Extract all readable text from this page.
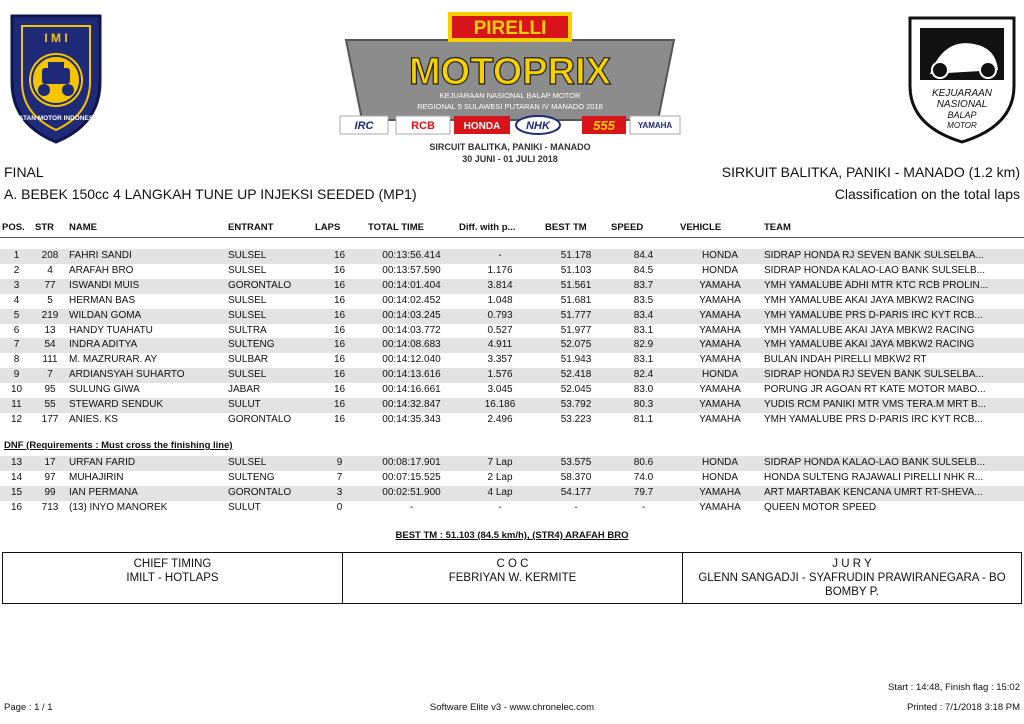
I M I
IKATAN MOTOR INDONESIA
PIRELLI
MOTOPRIX
KEJUARAAN NASIONAL BALAP MOTOR
REGIONAL 5 SULAWESI PUTARAN IV MANADO 2018
IRC	RCB	HONDA NHK	555	YAMAHA
SIRCUIT BALITKA, PANIKI - MANADO
30 JUNI - 01 JULI 2018
KEJUARAAN
NASIONAL
BALAP
MOTOR
FINAL
A. BEBEK 150cc 4 LANGKAH TUNE UP INJEKSI SEEDED (MP1)
SIRKUIT BALITKA, PANIKI - MANADO (1.2 km)
Classification on the total laps
POS.	STR	NAME	ENTRANT	LAPS	TOTAL TIME	Diff. with p...	BEST TM	SPEED	VEHICLE	TEAM

1	208	FAHRI SANDI	SULSEL	16	00:13:56.414	-	51.178	84.4	HONDA	SIDRAP HONDA RJ SEVEN BANK SULSELBA...
2	4	ARAFAH BRO	SULSEL	16	00:13:57.590	1.176	51.103	84.5	HONDA	SIDRAP HONDA KALAO-LAO BANK SULSELB...
3	77	ISWANDI MUIS	GORONTALO	16	00:14:01.404	3.814	51.561	83.7	YAMAHA	YMH YAMALUBE ADHI MTR KTC RCB PROLIN...
4	5	HERMAN BAS	SULSEL	16	00:14:02.452	1.048	51.681	83.5	YAMAHA	YMH YAMALUBE AKAI JAYA MBKW2 RACING
5	219	WILDAN GOMA	SULSEL	16	00:14:03.245	0.793	51.777	83.4	YAMAHA	YMH YAMALUBE PRS D-PARIS IRC KYT RCB...
6	13	HANDY TUAHATU	SULTRA	16	00:14:03.772	0.527	51.977	83.1	YAMAHA	YMH YAMALUBE AKAI JAYA MBKW2 RACING
7	54	INDRA ADITYA	SULTENG	16	00:14:08.683	4.911	52.075	82.9	YAMAHA	YMH YAMALUBE AKAI JAYA MBKW2 RACING
8	111	M. MAZRURAR. AY	SULBAR	16	00:14:12.040	3.357	51.943	83.1	YAMAHA	BULAN INDAH PIRELLI MBKW2 RT
9	7	ARDIANSYAH SUHARTO	SULSEL	16	00:14:13.616	1.576	52.418	82.4	HONDA	SIDRAP HONDA RJ SEVEN BANK SULSELBA...
10	95	SULUNG GIWA	JABAR	16	00:14:16.661	3.045	52.045	83.0	YAMAHA	PORUNG JR AGOAN RT KATE MOTOR MABO...
11	55	STEWARD SENDUK	SULUT	16	00:14:32.847	16.186	53.792	80.3	YAMAHA	YUDIS RCM PANIKI MTR VMS TERA.M MRT B...
12	177	ANIES. KS	GORONTALO	16	00:14:35.343	2.496	53.223	81.1	YAMAHA	YMH YAMALUBE PRS D-PARIS IRC KYT RCB...
DNF (Requirements : Must cross the finishing line)
13	17	URFAN FARID	SULSEL	9	00:08:17.901	7 Lap	53.575	80.6	HONDA	SIDRAP HONDA KALAO-LAO BANK SULSELB...
14	97	MUHAJIRIN	SULTENG	7	00:07:15.525	2 Lap	58.370	74.0	HONDA	HONDA SULTENG RAJAWALI PIRELLI NHK R...
15	99	IAN PERMANA	GORONTALO	3	00:02:51.900	4 Lap	54.177	79.7	YAMAHA	ART MARTABAK KENCANA UMRT RT-SHEVA...
16	713	(13) INYO MANOREK	SULUT	0	-	-	-	-	YAMAHA	QUEEN MOTOR SPEED
BEST TM : 51.103 (84.5 km/h), (STR4) ARAFAH BRO
CHIEF TIMING
IMILT - HOTLAPS
C O C
FEBRIYAN W. KERMITE
J U R Y
GLENN SANGADJI - SYAFRUDIN PRAWIRANEGARA - BO
BOMBY P.
Start : 14:48, Finish flag : 15:02
Page : 1 / 1	Software Elite v3 - www.chronelec.com	Printed : 7/1/2018 3:18 PM
